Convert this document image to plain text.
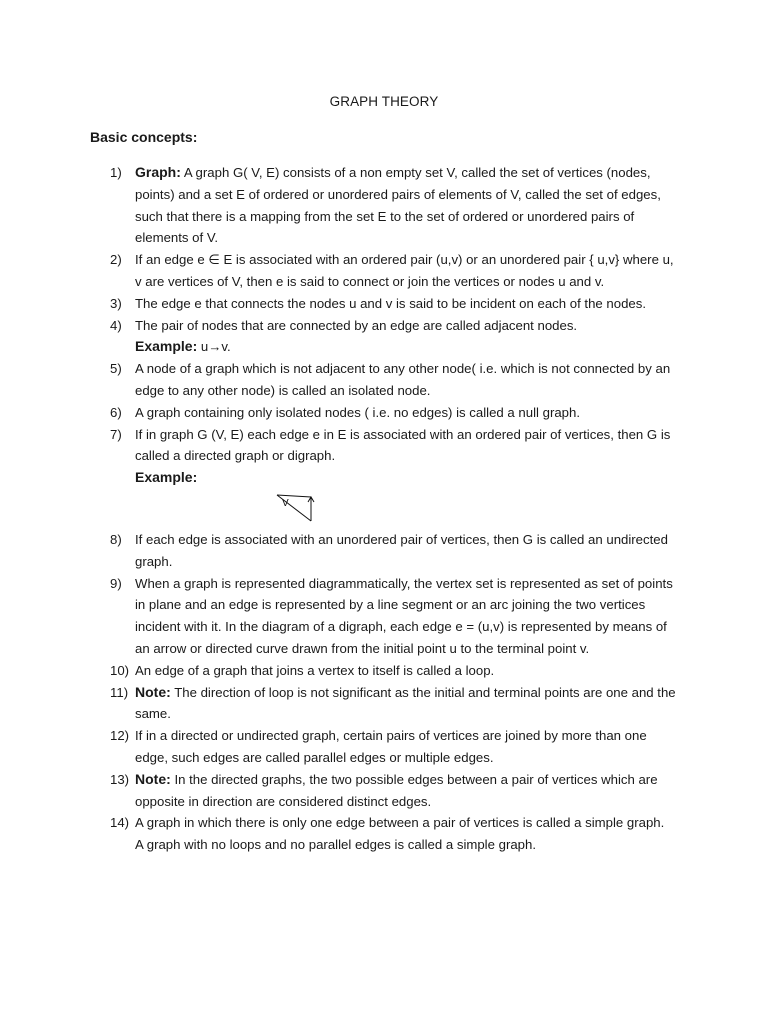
GRAPH THEORY
Basic concepts:
1) Graph: A graph G( V, E) consists of a non empty set V, called the set of vertices (nodes, points) and a set E of ordered or unordered pairs of elements of V, called the set of edges, such that there is a mapping from the set E to the set of ordered or unordered pairs of elements of V.
2)	If an edge e ∈ E is associated with an ordered pair (u,v) or an unordered pair { u,v} where u, v are vertices of V, then e is said to connect or join the vertices or nodes u and v.
3)	The edge e that connects the nodes u and v is said to be incident on each of the nodes.
4)	The pair of nodes that are connected by an edge are called adjacent nodes.
Example: u→v.
5)	A node of a graph which is not adjacent to any other node( i.e. which is not connected by an edge to any other node) is called an isolated node.
6)	A graph containing only isolated nodes ( i.e. no edges) is called a null graph.
7)	If in graph G (V, E) each edge e in E is associated with an ordered pair of vertices, then G is called a directed graph or digraph.
Example:
V
8)	If each edge is associated with an unordered pair of vertices, then G is called an undirected graph.
9)	When a graph is represented diagrammatically, the vertex set is represented as set of points in plane and an edge is represented by a line segment or an arc joining the two vertices incident with it. In the diagram of a digraph, each edge e = (u,v) is represented by means of an arrow or directed curve drawn from the initial point u to the terminal point v.
10) An edge of a graph that joins a vertex to itself is called a loop.
11) Note: The direction of loop is not significant as the initial and terminal points are one and the same.
12) If in a directed or undirected graph, certain pairs of vertices are joined by more than one edge, such edges are called parallel edges or multiple edges.
13) Note: In the directed graphs, the two possible edges between a pair of vertices which are opposite in direction are considered distinct edges.
14) A graph in which there is only one edge between a pair of vertices is called a simple graph.
A graph with no loops and no parallel edges is called a simple graph.
